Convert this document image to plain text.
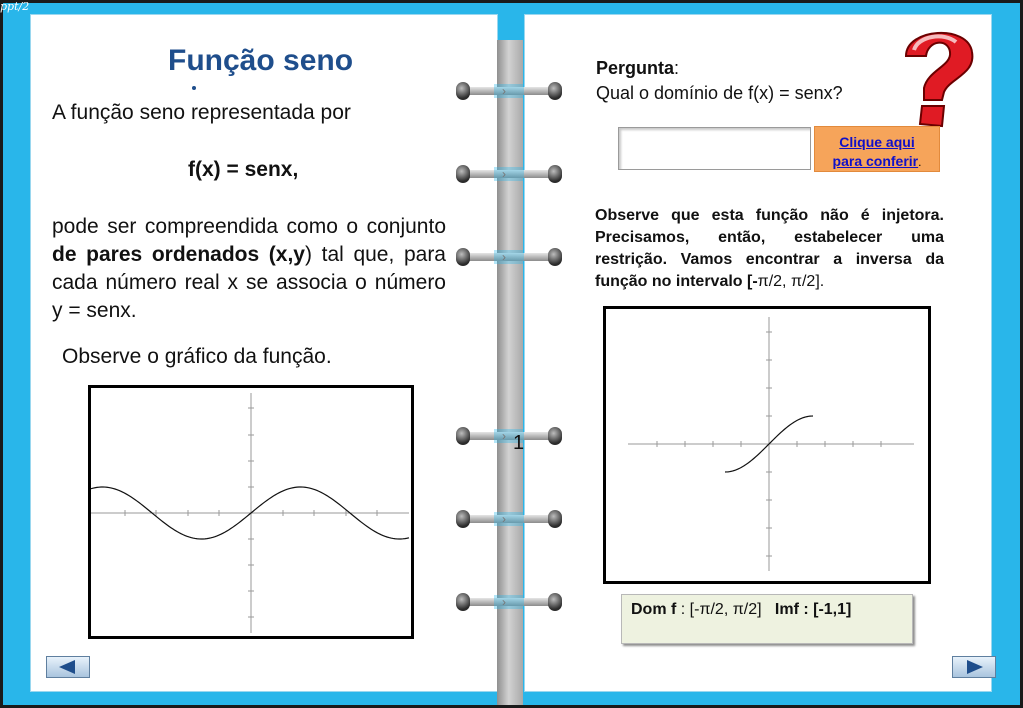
ppt/2
›
›
›
›
›
›
1
Função seno
A função seno representada por
f(x) = senx,
pode ser compreendida como o conjunto de pares ordenados (x,y) tal que, para cada número real x se associa o número y = senx.
Observe o gráfico da função.
Pergunta:
Qual o domínio de f(x) = senx?
Clique aqui
para conferir.
Observe que esta função não é injetora. Precisamos, então, estabelecer uma restrição. Vamos encontrar a inversa da função no intervalo [-π/2, π/2].
Dom f : [-π/2, π/2] Imf : [-1,1]
